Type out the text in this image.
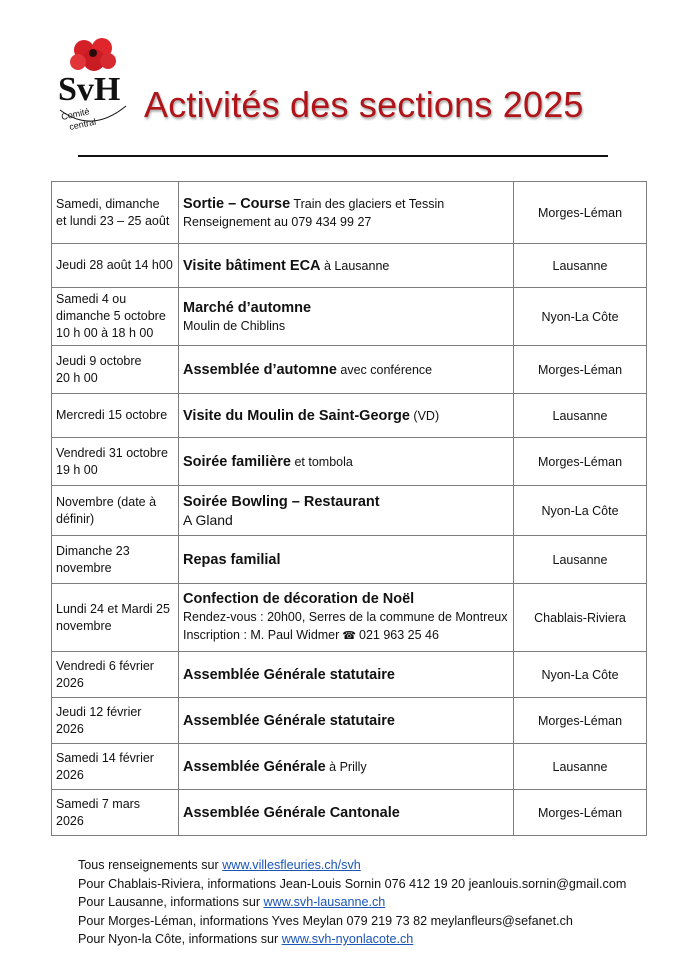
SvH
Comité
central Activités des sections 2025
Samedi, dimanche
et lundi 23 – 25 août	Sortie – Course Train des glaciers et Tessin
Renseignement au 079 434 99 27	Morges-Léman

Jeudi 28 août 14 h00	Visite bâtiment ECA à Lausanne	Lausanne

Samedi 4 ou
dimanche 5 octobre
10 h 00 à 18 h 00	Marché d’automne
Moulin de Chiblins	Nyon-La Côte

Jeudi 9 octobre
20 h 00	Assemblée d’automne avec conférence	Morges-Léman

Mercredi 15 octobre	Visite du Moulin de Saint-George (VD)	Lausanne

Vendredi 31 octobre
19 h 00	Soirée familière et tombola	Morges-Léman

Novembre (date à
définir)	Soirée Bowling – Restaurant
A Gland	Nyon-La Côte

Dimanche 23
novembre	Repas familial	Lausanne

Lundi 24 et Mardi 25
novembre	Confection de décoration de Noël
Rendez-vous : 20h00, Serres de la commune de Montreux
Inscription : M. Paul Widmer ☎ 021 963 25 46	Chablais-Riviera

Vendredi 6 février
2026	Assemblée Générale statutaire	Nyon-La Côte

Jeudi 12 février
2026	Assemblée Générale statutaire	Morges-Léman

Samedi 14 février
2026	Assemblée Générale à Prilly	Lausanne

Samedi 7 mars
2026	Assemblée Générale Cantonale	Morges-Léman
Tous renseignements sur www.villesfleuries.ch/svh
Pour Chablais-Riviera, informations Jean-Louis Sornin 076 412 19 20 jeanlouis.sornin@gmail.com
Pour Lausanne, informations sur www.svh-lausanne.ch
Pour Morges-Léman, informations Yves Meylan 079 219 73 82 meylanfleurs@sefanet.ch
Pour Nyon-la Côte, informations sur www.svh-nyonlacote.ch
